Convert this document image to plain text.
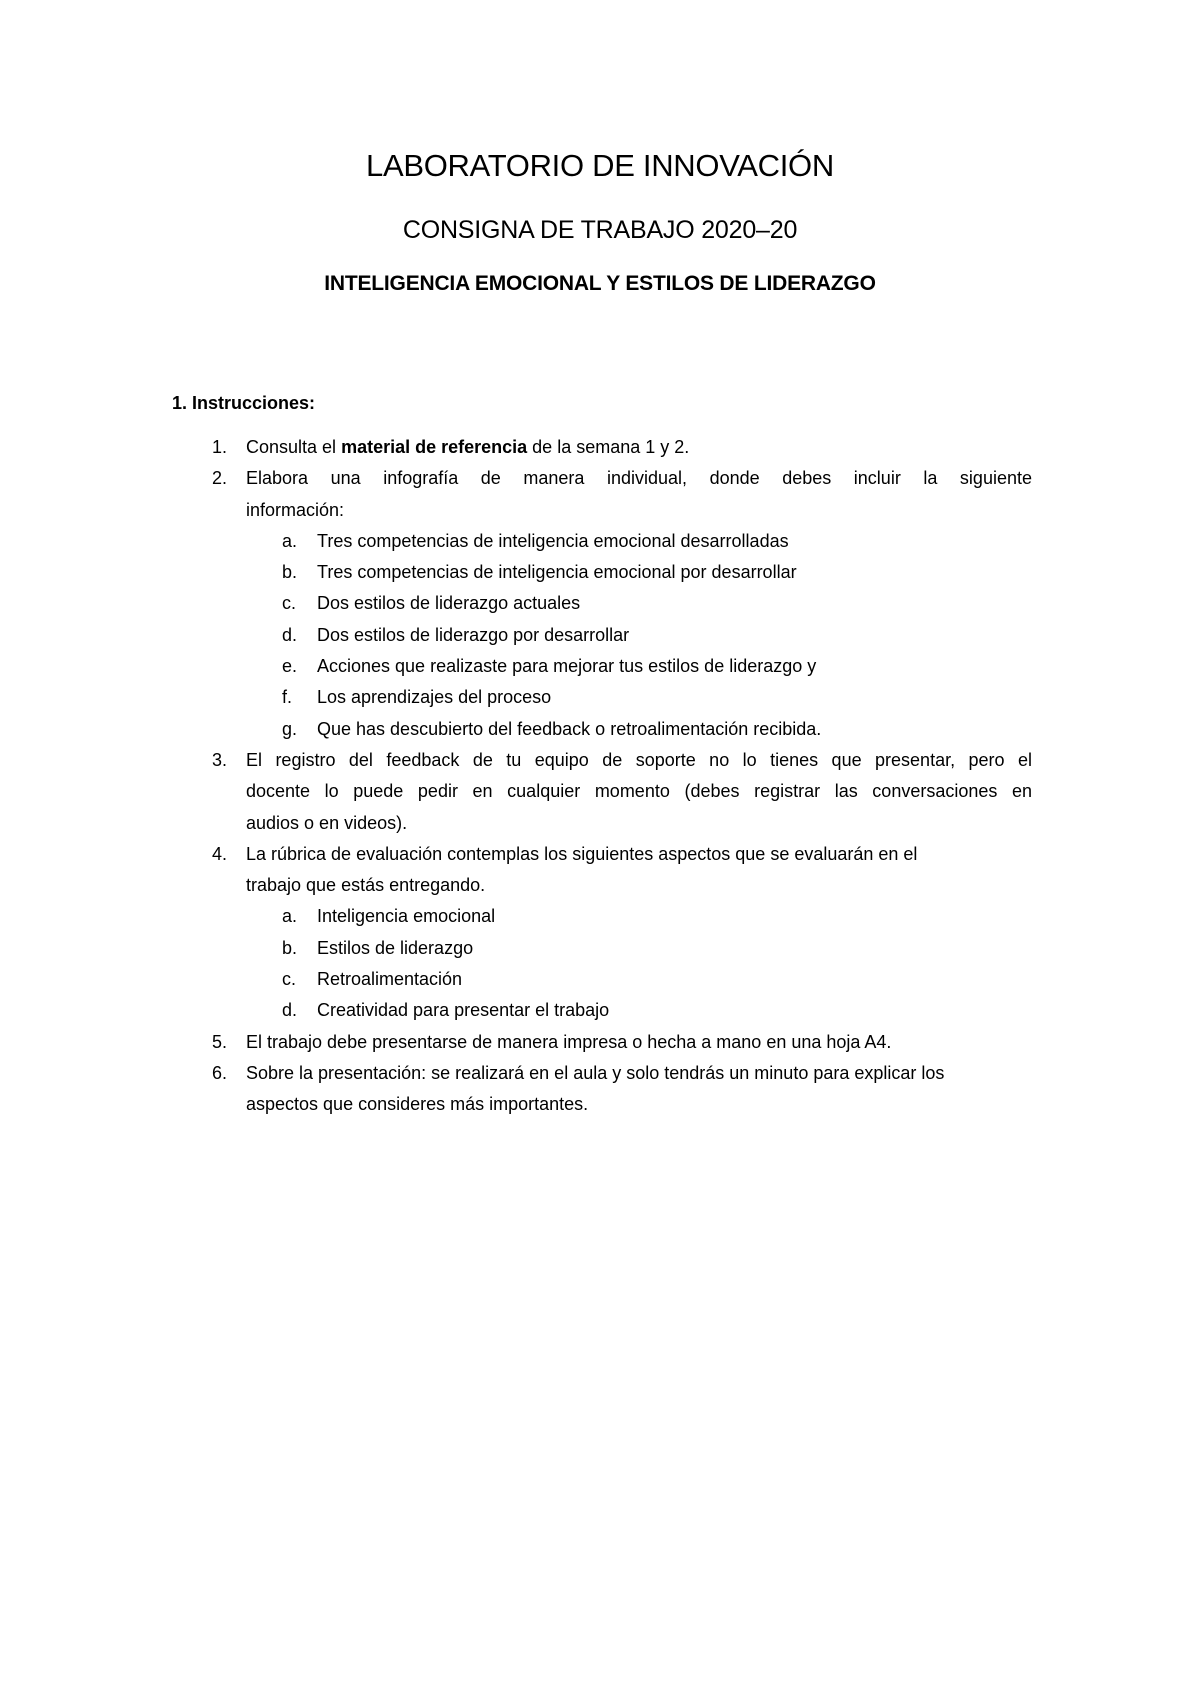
LABORATORIO DE INNOVACIÓN
CONSIGNA DE TRABAJO 2020–20
INTELIGENCIA EMOCIONAL Y ESTILOS DE LIDERAZGO

1. Instrucciones:

1. Consulta el material de referencia de la semana 1 y 2.
2. Elabora una infografía de manera individual, donde debes incluir la siguiente
información:
a.	Tres competencias de inteligencia emocional desarrolladas
b.	Tres competencias de inteligencia emocional por desarrollar
c.	Dos estilos de liderazgo actuales
d.	Dos estilos de liderazgo por desarrollar
e.	Acciones que realizaste para mejorar tus estilos de liderazgo y
f.	Los aprendizajes del proceso
g.	Que has descubierto del feedback o retroalimentación recibida.
3. El registro del feedback de tu equipo de soporte no lo tienes que presentar, pero el
docente lo puede pedir en cualquier momento (debes registrar las conversaciones en
audios o en videos).
4. La rúbrica de evaluación contemplas los siguientes aspectos que se evaluarán en el
trabajo que estás entregando.
a.	Inteligencia emocional
b.	Estilos de liderazgo
c.	Retroalimentación
d.	Creatividad para presentar el trabajo
5. El trabajo debe presentarse de manera impresa o hecha a mano en una hoja A4.
6. Sobre la presentación: se realizará en el aula y solo tendrás un minuto para explicar los
aspectos que consideres más importantes.
